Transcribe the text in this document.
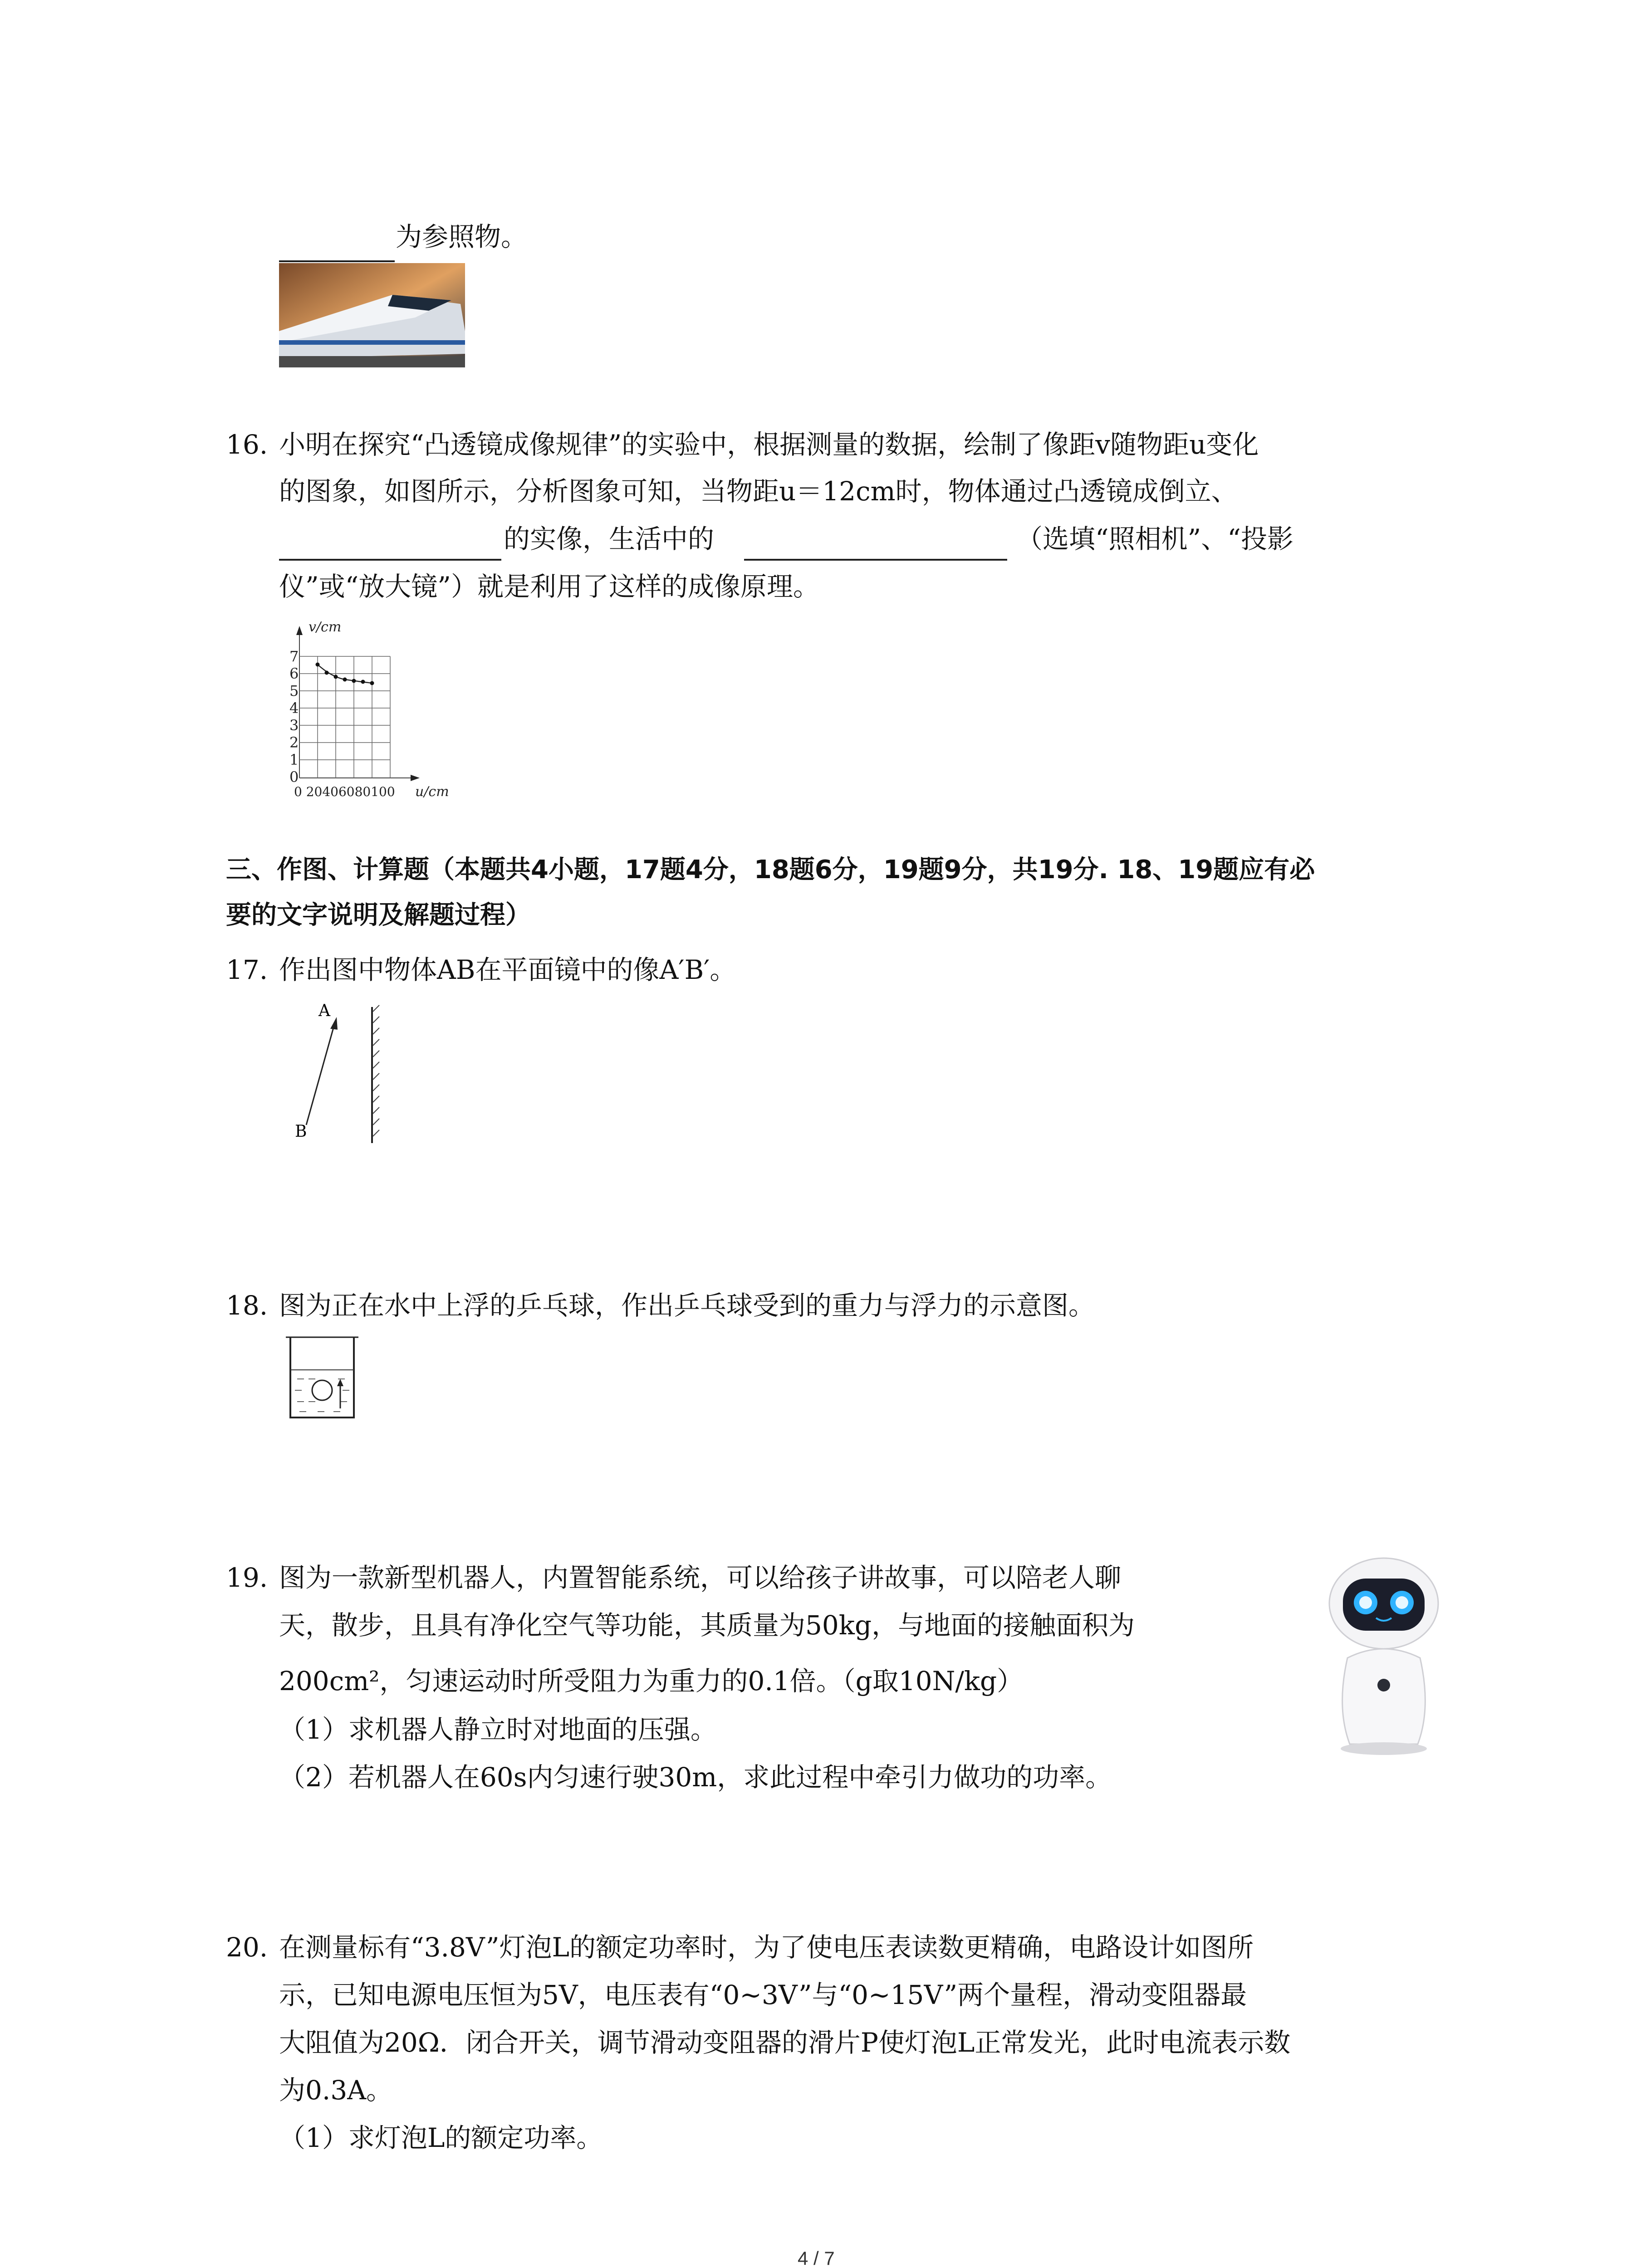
为参照物。
16. 小明在探究“凸透镜成像规律”的实验中，根据测量的数据，绘制了像距v随物距u变化
的图象，如图所示，分析图象可知，当物距u＝12cm时，物体通过凸透镜成倒立、
的实像，生活中的	（选填“照相机”、“投影
仪”或“放大镜”）就是利用了这样的成像原理。
v/cm
7
6
5
4
3
2
1
0
0 20406080100 u/cm
三、作图、计算题（本题共4小题，17题4分，18题6分，19题9分，共19分. 18、19题应有必
要的文字说明及解题过程）
17. 作出图中物体AB在平面镜中的像A′B′。
A
B
18. 图为正在水中上浮的乒乓球，作出乒乓球受到的重力与浮力的示意图。
19. 图为一款新型机器人，内置智能系统，可以给孩子讲故事，可以陪老人聊
天，散步，且具有净化空气等功能，其质量为50kg，与地面的接触面积为
200cm²，匀速运动时所受阻力为重力的0.1倍。（g取10N/kg）
（1）求机器人静立时对地面的压强。
（2）若机器人在60s内匀速行驶30m，求此过程中牵引力做功的功率。
20. 在测量标有“3.8V”灯泡L的额定功率时，为了使电压表读数更精确，电路设计如图所
示，已知电源电压恒为5V，电压表有“0~3V”与“0~15V”两个量程，滑动变阻器最
大阻值为20Ω．闭合开关，调节滑动变阻器的滑片P使灯泡L正常发光，此时电流表示数
为0.3A。
（1）求灯泡L的额定功率。
4 / 7
